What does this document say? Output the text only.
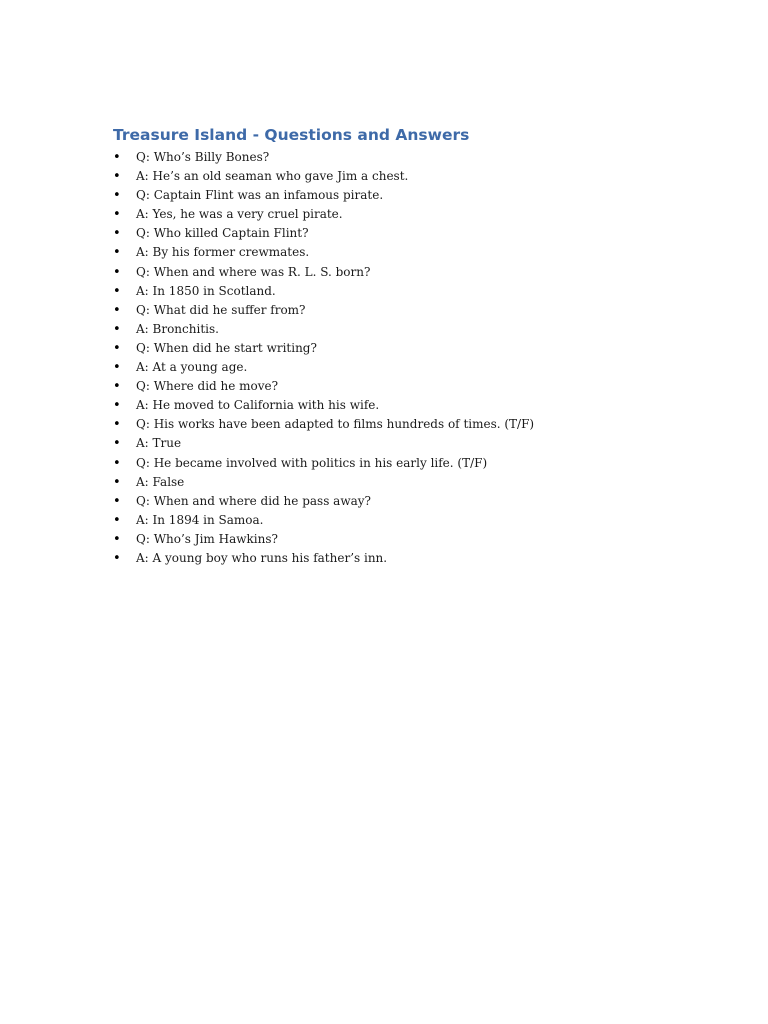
Treasure Island - Questions and Answers
• Q: Who’s Billy Bones?
• A: He’s an old seaman who gave Jim a chest.
• Q: Captain Flint was an infamous pirate.
• A: Yes, he was a very cruel pirate.
• Q: Who killed Captain Flint?
• A: By his former crewmates.
• Q: When and where was R. L. S. born?
• A: In 1850 in Scotland.
• Q: What did he suffer from?
• A: Bronchitis.
• Q: When did he start writing?
• A: At a young age.
• Q: Where did he move?
• A: He moved to California with his wife.
• Q: His works have been adapted to films hundreds of times. (T/F)
• A: True
• Q: He became involved with politics in his early life. (T/F)
• A: False
• Q: When and where did he pass away?
• A: In 1894 in Samoa.
• Q: Who’s Jim Hawkins?
• A: A young boy who runs his father’s inn.
